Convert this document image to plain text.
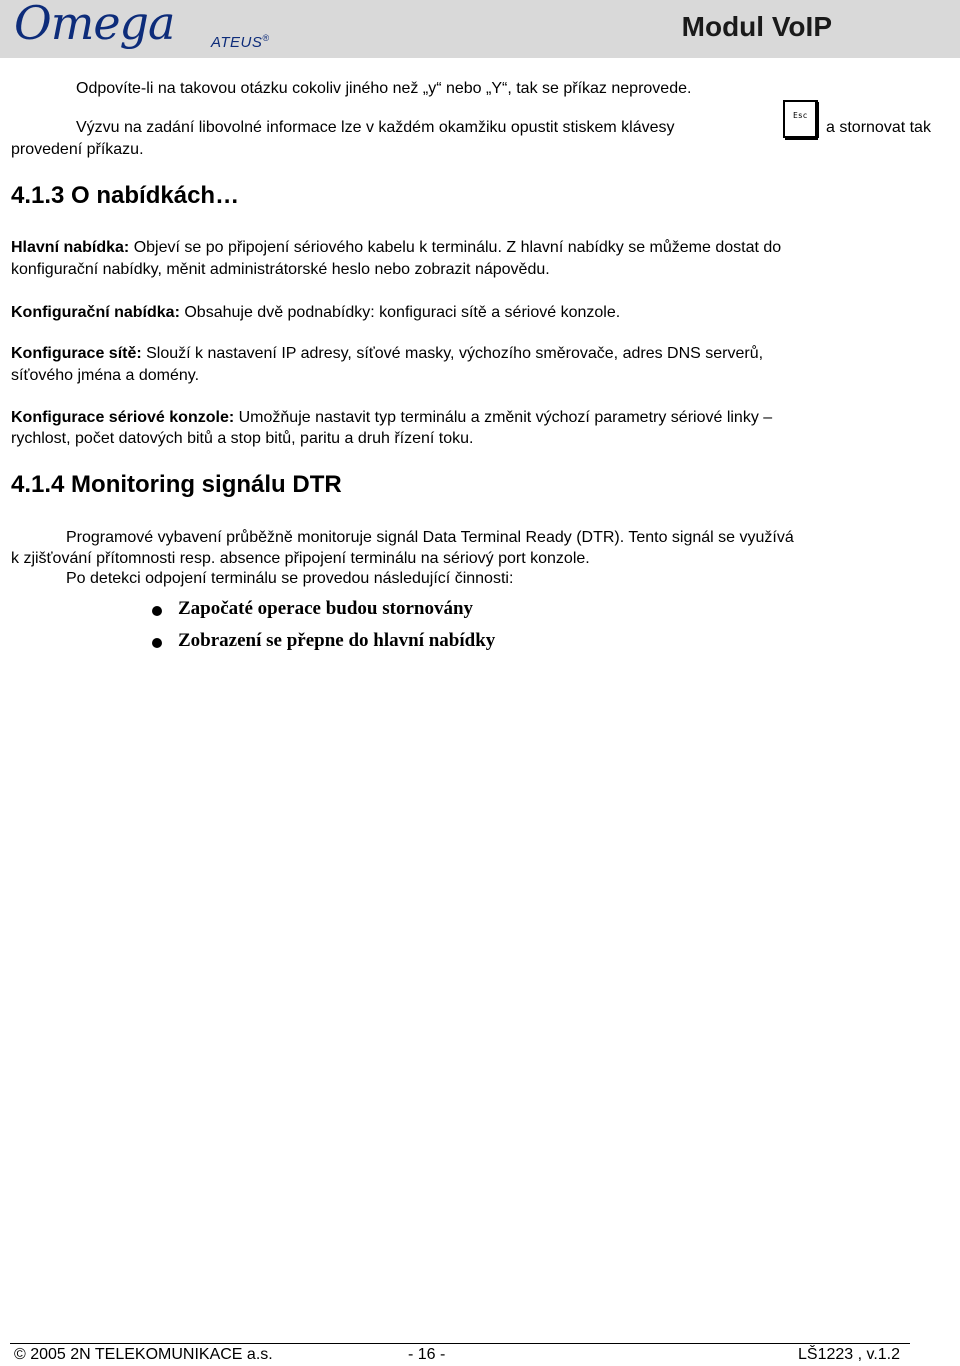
Omega ATEUS®	Modul VoIP
Odpovíte-li na takovou otázku cokoliv jiného než „y“ nebo „Y“, tak se příkaz neprovede.
Výzvu na zadání libovolné informace lze v každém okamžiku opustit stiskem klávesy
Esc
a stornovat tak
provedení příkazu.
4.1.3 O nabídkách…
Hlavní nabídka: Objeví se po připojení sériového kabelu k terminálu. Z hlavní nabídky se můžeme dostat do
konfigurační nabídky, měnit administrátorské heslo nebo zobrazit nápovědu.
Konfigurační nabídka: Obsahuje dvě podnabídky: konfiguraci sítě a sériové konzole.
Konfigurace sítě: Slouží k nastavení IP adresy, síťové masky, výchozího směrovače, adres DNS serverů,
síťového jména a domény.
Konfigurace sériové konzole: Umožňuje nastavit typ terminálu a změnit výchozí parametry sériové linky –
rychlost, počet datových bitů a stop bitů, paritu a druh řízení toku.
4.1.4 Monitoring signálu DTR
Programové vybavení průběžně monitoruje signál Data Terminal Ready (DTR). Tento signál se využívá
k zjišťování přítomnosti resp. absence připojení terminálu na sériový port konzole.
Po detekci odpojení terminálu se provedou následující činnosti:
Započaté operace budou stornovány
Zobrazení se přepne do hlavní nabídky
© 2005 2N TELEKOMUNIKACE a.s.	- 16 -	LŠ1223 , v.1.2
